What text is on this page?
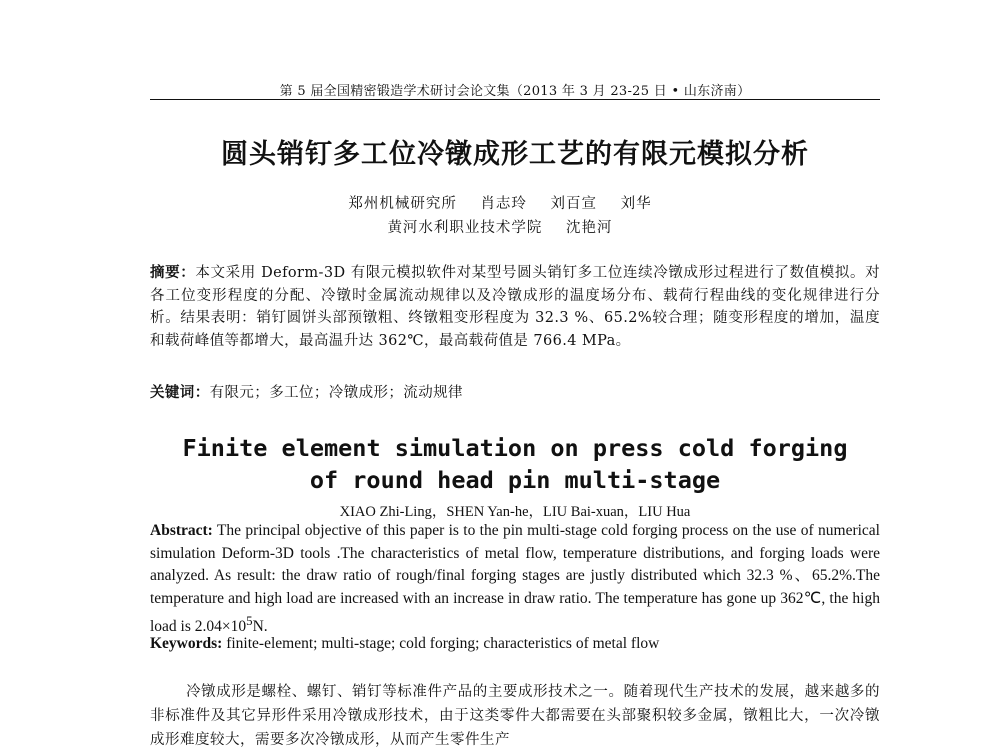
第 5 届全国精密锻造学术研讨会论文集（2013 年 3 月 23-25 日 • 山东济南）
圆头销钉多工位冷镦成形工艺的有限元模拟分析
郑州机械研究所 肖志玲 刘百宣 刘华
黄河水利职业技术学院 沈艳河
摘要：本文采用 Deform-3D 有限元模拟软件对某型号圆头销钉多工位连续冷镦成形过程进行了数值模拟。对各工位变形程度的分配、冷镦时金属流动规律以及冷镦成形的温度场分布、载荷行程曲线的变化规律进行分析。结果表明：销钉圆饼头部预镦粗、终镦粗变形程度为 32.3 %、65.2%较合理；随变形程度的增加，温度和载荷峰值等都增大，最高温升达 362℃，最高载荷值是 766.4 MPa。
关键词：有限元；多工位；冷镦成形；流动规律
Finite element simulation on press cold forging
of round head pin multi-stage
XIAO Zhi-Ling，SHEN Yan-he，LIU Bai-xuan，LIU Hua
Abstract: The principal objective of this paper is to the pin multi-stage cold forging process on the use of numerical simulation Deform-3D tools .The characteristics of metal flow, temperature distributions, and forging loads were analyzed. As result: the draw ratio of rough/final forging stages are justly distributed which 32.3 %、65.2%.The temperature and high load are increased with an increase in draw ratio. The temperature has gone up 362℃, the high load is $2.04\times 10^5N$.
Keywords: finite-element; multi-stage; cold forging; characteristics of metal flow
冷镦成形是螺栓、螺钉、销钉等标准件产品的主要成形技术之一。随着现代生产技术的发展，越来越多的非标准件及其它异形件采用冷镦成形技术，由于这类零件大都需要在头部聚积较多金属，镦粗比大，一次冷镦成形难度较大，需要多次冷镦成形，从而产生零件生产
